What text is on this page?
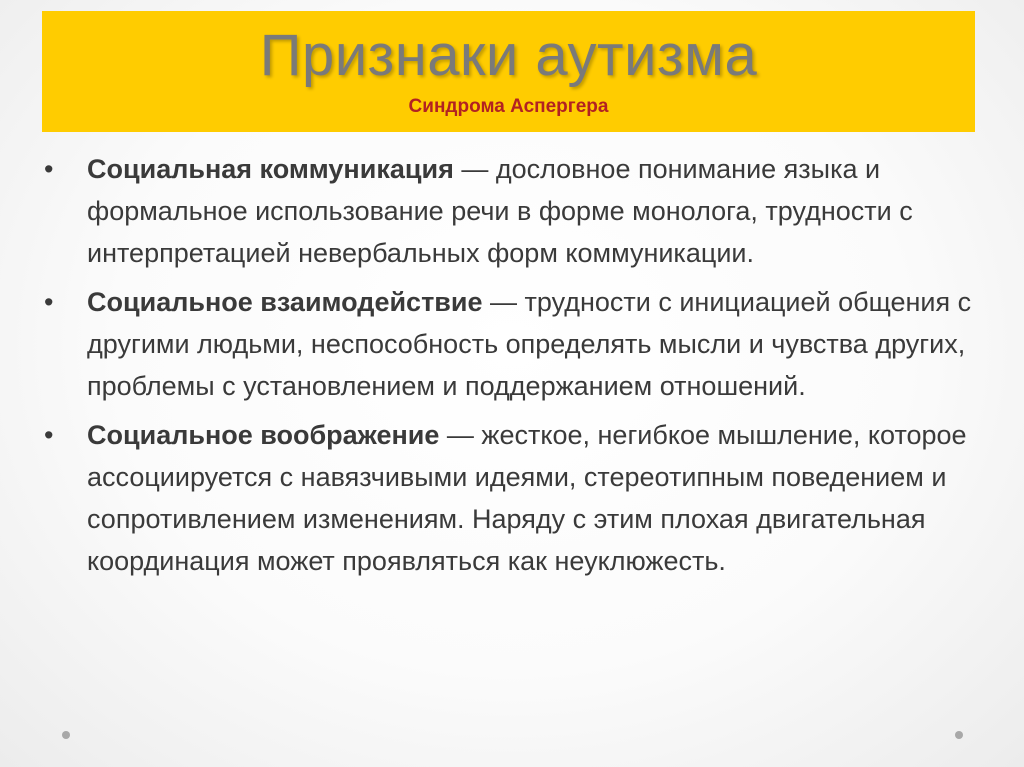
Признаки аутизма
Синдрома Аспергера
• Социальная коммуникация — дословное понимание языка и формальное использование речи в форме монолога, трудности с интерпретацией невербальных форм коммуникации.
• Социальное взаимодействие — трудности с инициацией общения с другими людьми, неспособность определять мысли и чувства других, проблемы с установлением и поддержанием отношений.
• Социальное воображение — жесткое, негибкое мышление, которое ассоциируется с навязчивыми идеями, стереотипным поведением и сопротивлением изменениям. Наряду с этим плохая двигательная координация может проявляться как неуклюжесть.
